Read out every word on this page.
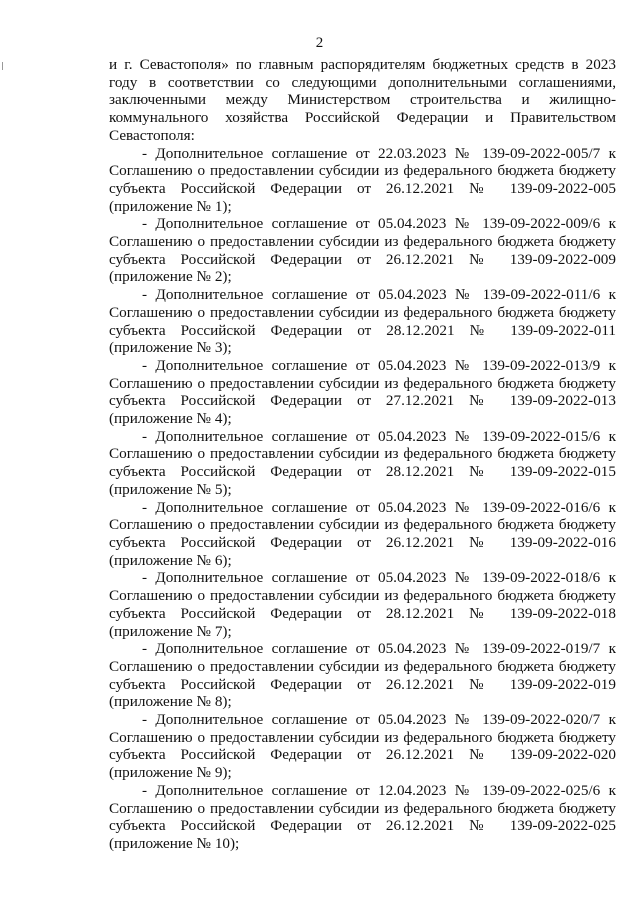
2

и г. Севастополя» по главным распорядителям бюджетных средств в 2023 году в соответствии со следующими дополнительными соглашениями, заключенными между Министерством строительства и жилищно-коммунального хозяйства Российской Федерации и Правительством Севастополя:

- Дополнительное соглашение от 22.03.2023 № 139-09-2022-005/7 к Соглашению о предоставлении субсидии из федерального бюджета бюджету субъекта Российской Федерации от 26.12.2021 № 139-09-2022-005 (приложение № 1);

- Дополнительное соглашение от 05.04.2023 № 139-09-2022-009/6 к Соглашению о предоставлении субсидии из федерального бюджета бюджету субъекта Российской Федерации от 26.12.2021 № 139-09-2022-009 (приложение № 2);

- Дополнительное соглашение от 05.04.2023 № 139-09-2022-011/6 к Соглашению о предоставлении субсидии из федерального бюджета бюджету субъекта Российской Федерации от 28.12.2021 № 139-09-2022-011 (приложение № 3);

- Дополнительное соглашение от 05.04.2023 № 139-09-2022-013/9 к Соглашению о предоставлении субсидии из федерального бюджета бюджету субъекта Российской Федерации от 27.12.2021 № 139-09-2022-013 (приложение № 4);

- Дополнительное соглашение от 05.04.2023 № 139-09-2022-015/6 к Соглашению о предоставлении субсидии из федерального бюджета бюджету субъекта Российской Федерации от 28.12.2021 № 139-09-2022-015 (приложение № 5);

- Дополнительное соглашение от 05.04.2023 № 139-09-2022-016/6 к Соглашению о предоставлении субсидии из федерального бюджета бюджету субъекта Российской Федерации от 26.12.2021 № 139-09-2022-016 (приложение № 6);

- Дополнительное соглашение от 05.04.2023 № 139-09-2022-018/6 к Соглашению о предоставлении субсидии из федерального бюджета бюджету субъекта Российской Федерации от 28.12.2021 № 139-09-2022-018 (приложение № 7);

- Дополнительное соглашение от 05.04.2023 № 139-09-2022-019/7 к Соглашению о предоставлении субсидии из федерального бюджета бюджету субъекта Российской Федерации от 26.12.2021 № 139-09-2022-019 (приложение № 8);

- Дополнительное соглашение от 05.04.2023 № 139-09-2022-020/7 к Соглашению о предоставлении субсидии из федерального бюджета бюджету субъекта Российской Федерации от 26.12.2021 № 139-09-2022-020 (приложение № 9);

- Дополнительное соглашение от 12.04.2023 № 139-09-2022-025/6 к Соглашению о предоставлении субсидии из федерального бюджета бюджету субъекта Российской Федерации от 26.12.2021 № 139-09-2022-025 (приложение № 10);
